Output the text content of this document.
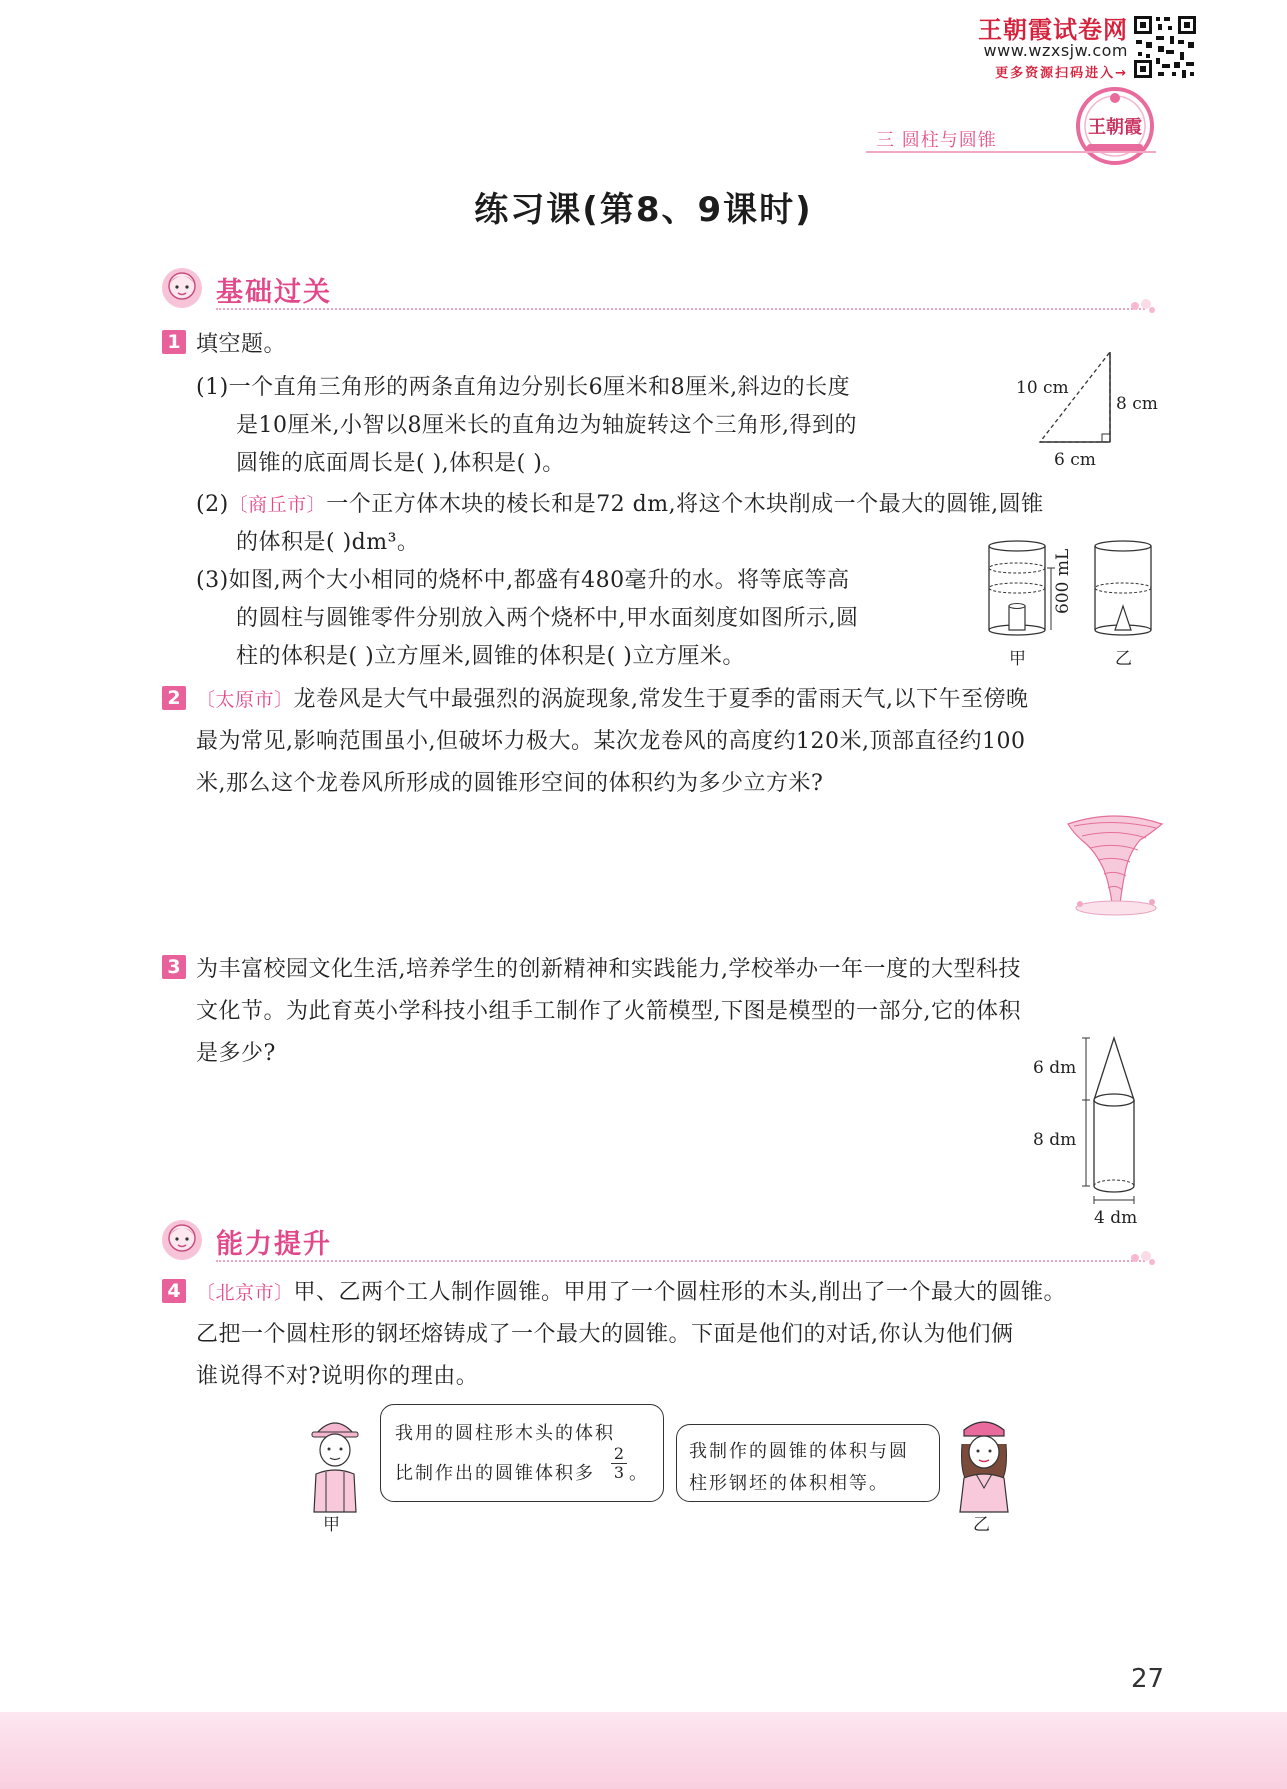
王朝霞试卷网
www.wzxsjw.com
更多资源扫码进入→
王朝霞
三 圆柱与圆锥
练习课(第8、9课时)
基础过关
1 填空题。
(1)一个直角三角形的两条直角边分别长6厘米和8厘米,斜边的长度
是10厘米,小智以8厘米长的直角边为轴旋转这个三角形,得到的
圆锥的底面周长是( ),体积是( )。
10 cm
8 cm
6 cm
(2)〔商丘市〕一个正方体木块的棱长和是72 dm,将这个木块削成一个最大的圆锥,圆锥
的体积是( )dm³。
(3)如图,两个大小相同的烧杯中,都盛有480毫升的水。将等底等高
的圆柱与圆锥零件分别放入两个烧杯中,甲水面刻度如图所示,圆
柱的体积是( )立方厘米,圆锥的体积是( )立方厘米。
600 mL
甲	乙
2 〔太原市〕龙卷风是大气中最强烈的涡旋现象,常发生于夏季的雷雨天气,以下午至傍晚
最为常见,影响范围虽小,但破坏力极大。某次龙卷风的高度约120米,顶部直径约100
米,那么这个龙卷风所形成的圆锥形空间的体积约为多少立方米?
3 为丰富校园文化生活,培养学生的创新精神和实践能力,学校举办一年一度的大型科技
文化节。为此育英小学科技小组手工制作了火箭模型,下图是模型的一部分,它的体积
是多少?
6 dm
8 dm
4 dm
能力提升
4 〔北京市〕甲、乙两个工人制作圆锥。甲用了一个圆柱形的木头,削出了一个最大的圆锥。
乙把一个圆柱形的钢坯熔铸成了一个最大的圆锥。下面是他们的对话,你认为他们俩
谁说得不对?说明你的理由。
甲
我用的圆柱形木头的体积
比制作出的圆锥体积多 $\frac{2}{3}$ 。
我制作的圆锥的体积与圆
柱形钢坯的体积相等。
乙
27
